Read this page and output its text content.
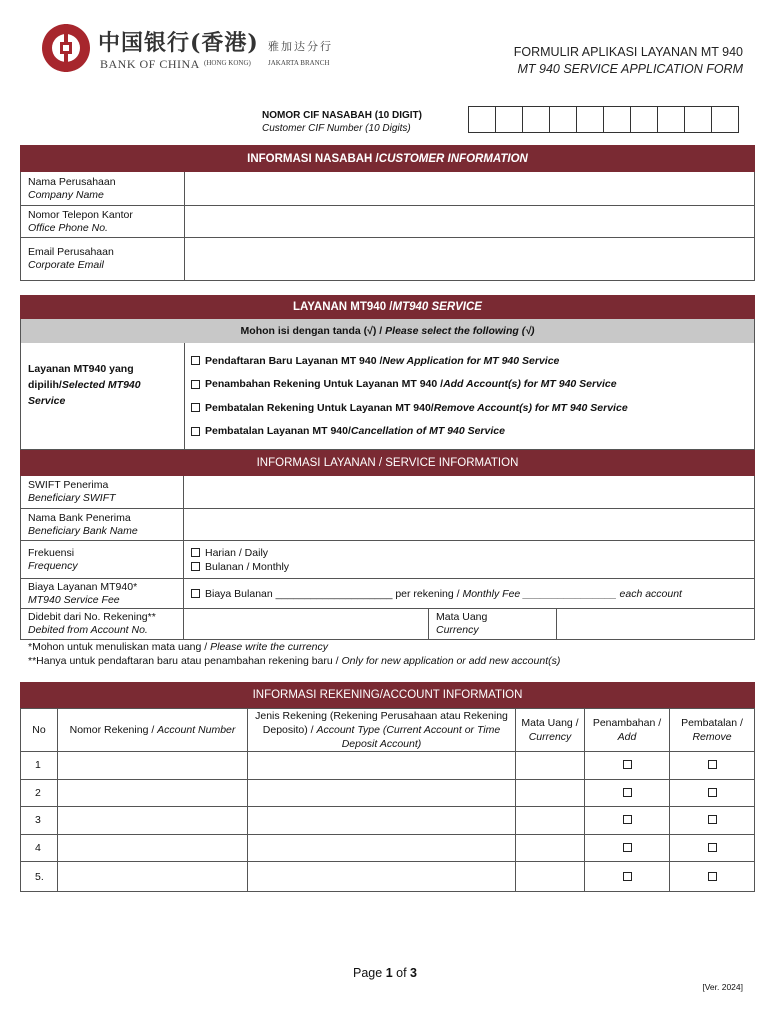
中国银行(香港) 雅加达分行
BANK OF CHINA (HONG KONG) JAKARTA BRANCH
FORMULIR APLIKASI LAYANAN MT 940
MT 940 SERVICE APPLICATION FORM
NOMOR CIF NASABAH (10 DIGIT)
Customer CIF Number (10 Digits)
INFORMASI NASABAH / CUSTOMER INFORMATION
Nama Perusahaan
Company Name
Nomor Telepon Kantor
Office Phone No.
Email Perusahaan
Corporate Email
LAYANAN MT940 / MT940 SERVICE
Mohon isi dengan tanda (√) /
Please select the following (√)
Layanan MT940 yang dipilih/Selected MT940 Service
Pendaftaran Baru Layanan MT 940 / New Application for MT 940 Service
Penambahan Rekening Untuk Layanan MT 940 / Add Account(s) for MT 940 Service
Pembatalan Rekening Untuk Layanan MT 940/ Remove Account(s) for MT 940 Service
Pembatalan Layanan MT 940/ Cancellation of MT 940 Service
INFORMASI LAYANAN / SERVICE INFORMATION
SWIFT Penerima
Beneficiary SWIFT
Nama Bank Penerima
Beneficiary Bank Name
Frekuensi
Frequency
Harian / Daily
Bulanan / Monthly
Biaya Layanan MT940*
MT940 Service Fee	Biaya Bulanan ____________________ per rekening / Monthly Fee ________________ each account
Didebit dari No. Rekening**
Debited from Account No.
Mata Uang
Currency
*Mohon untuk menuliskan mata uang / Please write the currency
**Hanya untuk pendaftaran baru atau penambahan rekening baru / Only for new application or add new account(s)
INFORMASI REKENING/ACCOUNT INFORMATION
No	Nomor Rekening / Account Number	Jenis Rekening (Rekening Perusahaan atau Rekening Deposito) / Account Type (Current Account or Time Deposit Account)	Mata Uang / Currency	Penambahan / Add	Pembatalan / Remove
1					
2					
3					
4					
5.					
Page 1 of 3
[Ver. 2024]
